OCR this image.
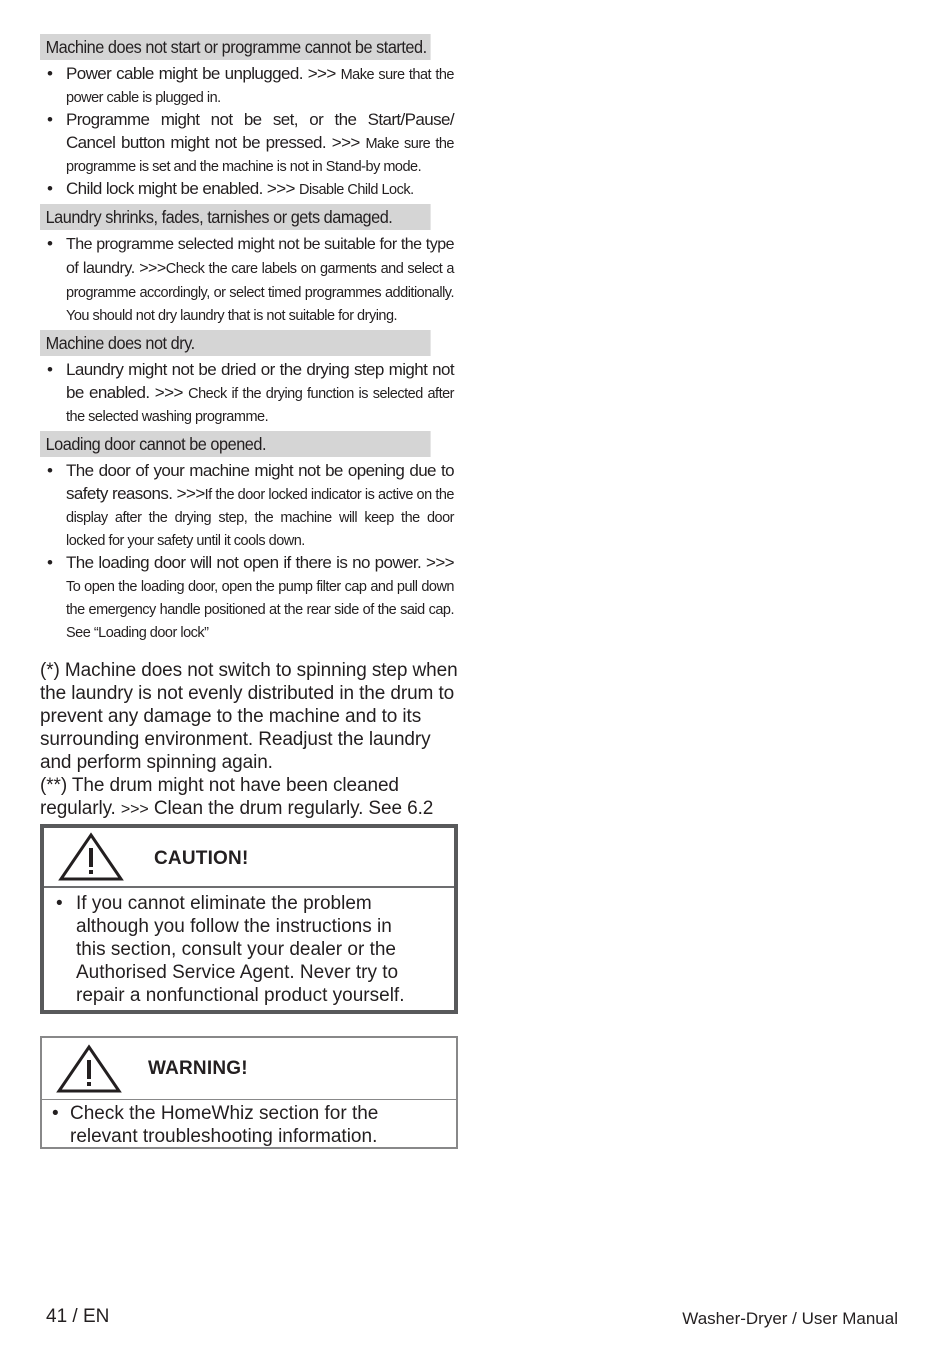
Machine does not start or programme cannot be started.
• Power cable might be unplugged. >>> Make sure that the power cable is plugged in.
• Programme might not be set, or the Start/Pause/ Cancel button might not be pressed. >>> Make sure the programme is set and the machine is not in Stand-by mode.
• Child lock might be enabled. >>> Disable Child Lock.
Laundry shrinks, fades, tarnishes or gets damaged.
• The programme selected might not be suitable for the type of laundry. >>>Check the care labels on garments and select a programme accordingly, or select timed programmes additionally. You should not dry laundry that is not suitable for drying.
Machine does not dry.
• Laundry might not be dried or the drying step might not be enabled. >>> Check if the drying function is selected after the selected washing programme.
Loading door cannot be opened.
• The door of your machine might not be opening due to safety reasons. >>>If the door locked indicator is active on the display after the drying step, the machine will keep the door locked for your safety until it cools down.
• The loading door will not open if there is no power. >>> To open the loading door, open the pump filter cap and pull down the emergency handle positioned at the rear side of the said cap. See “Loading door lock”
(*) Machine does not switch to spinning step when the laundry is not evenly distributed in the drum to prevent any damage to the machine and to its surrounding environment. Readjust the laundry and perform spinning again.
(**) The drum might not have been cleaned regularly. >>> Clean the drum regularly. See 6.2
CAUTION!
• If you cannot eliminate the problem although you follow the instructions in this section, consult your dealer or the Authorised Service Agent. Never try to repair a nonfunctional product yourself.
WARNING!
• Check the HomeWhiz section for the relevant troubleshooting information.
41 / EN	Washer-Dryer / User Manual
